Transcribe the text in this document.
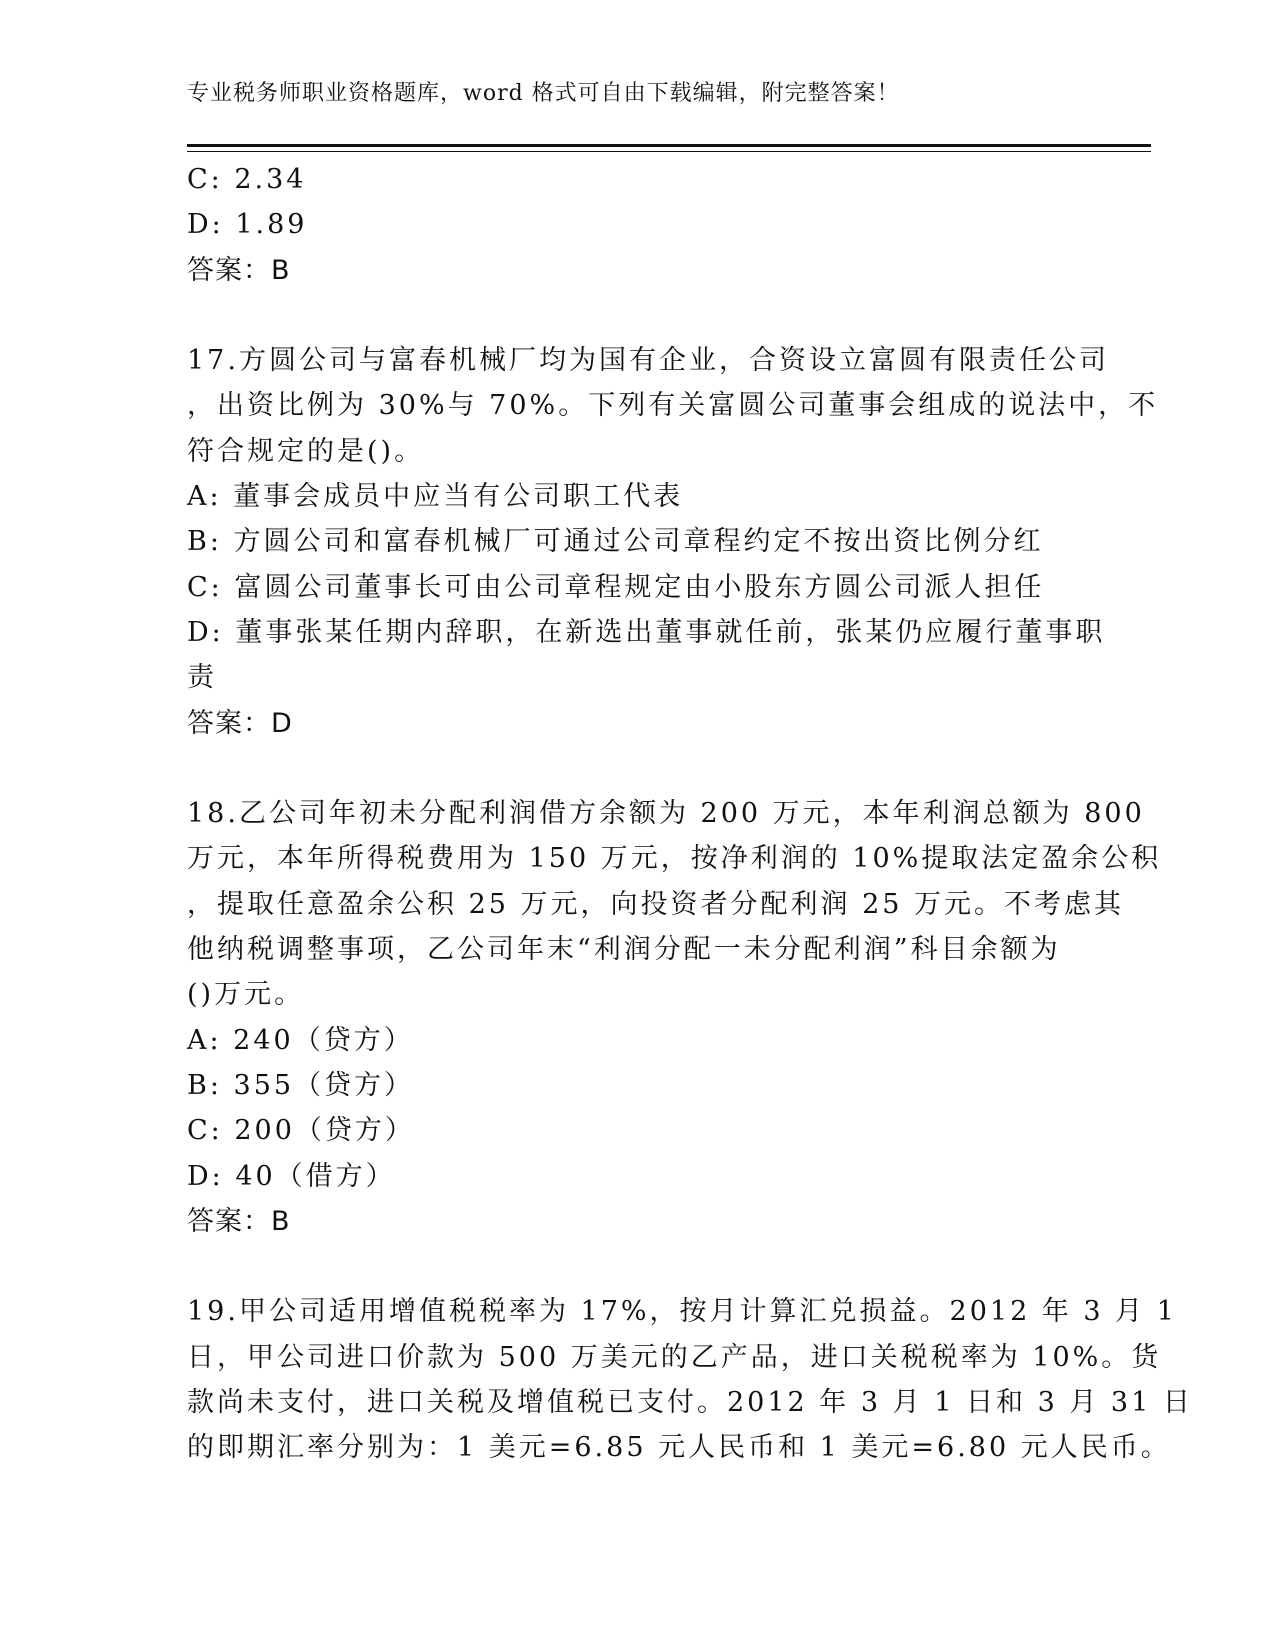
专业税务师职业资格题库，word 格式可自由下载编辑，附完整答案！
C: 2.34
D: 1.89
答案：B
17.方圆公司与富春机械厂均为国有企业，合资设立富圆有限责任公司
，出资比例为 30%与 70%。下列有关富圆公司董事会组成的说法中，不
符合规定的是()。
A: 董事会成员中应当有公司职工代表
B: 方圆公司和富春机械厂可通过公司章程约定不按出资比例分红
C: 富圆公司董事长可由公司章程规定由小股东方圆公司派人担任
D: 董事张某任期内辞职，在新选出董事就任前，张某仍应履行董事职
责
答案：D
18.乙公司年初未分配利润借方余额为 200 万元，本年利润总额为 800
万元，本年所得税费用为 150 万元，按净利润的 10%提取法定盈余公积
，提取任意盈余公积 25 万元，向投资者分配利润 25 万元。不考虑其
他纳税调整事项，乙公司年末“利润分配一未分配利润”科目余额为
()万元。
A: 240（贷方）
B: 355（贷方）
C: 200（贷方）
D: 40（借方）
答案：B
19.甲公司适用增值税税率为 17%，按月计算汇兑损益。2012 年 3 月 1
日，甲公司进口价款为 500 万美元的乙产品，进口关税税率为 10%。货
款尚未支付，进口关税及增值税已支付。2012 年 3 月 1 日和 3 月 31 日
的即期汇率分别为：1 美元=6.85 元人民币和 1 美元=6.80 元人民币。
